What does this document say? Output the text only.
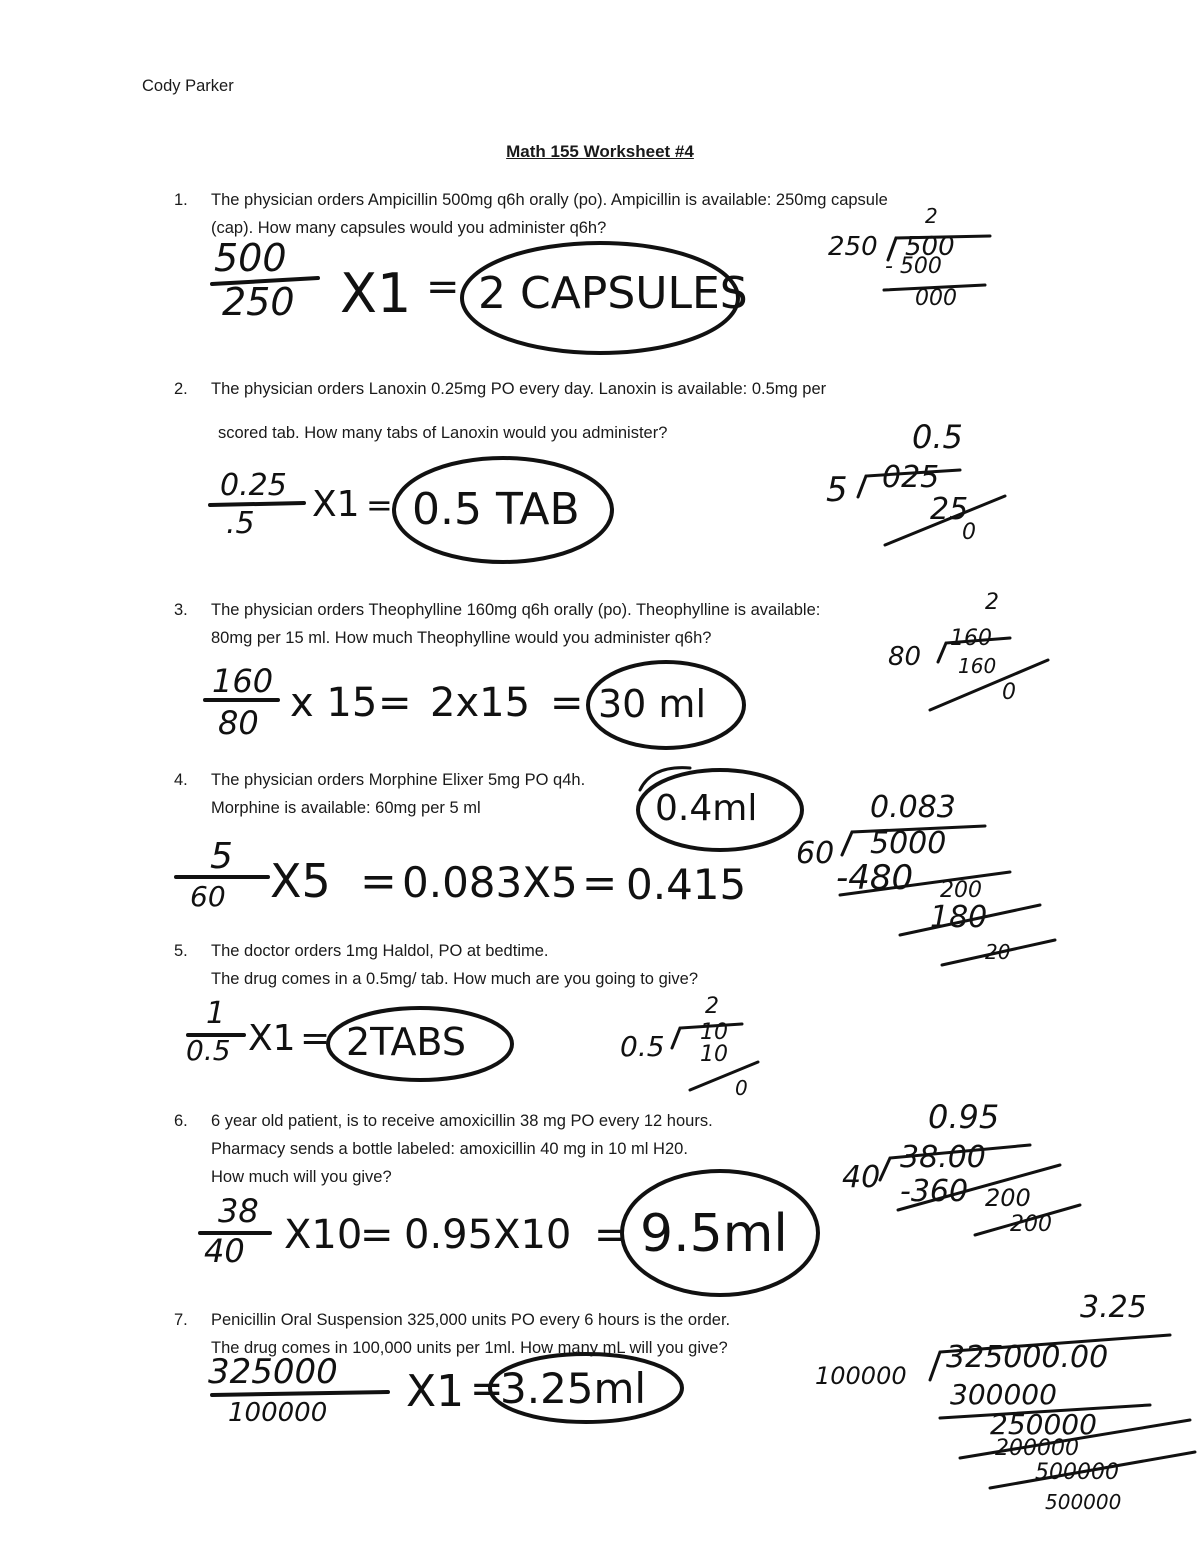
Cody Parker
Math 155 Worksheet #4
1. The physician orders Ampicillin 500mg q6h orally (po). Ampicillin is available: 250mg capsule
(cap). How many capsules would you administer q6h?
2. The physician orders Lanoxin 0.25mg PO every day. Lanoxin is available: 0.5mg per
scored tab. How many tabs of Lanoxin would you administer?
3. The physician orders Theophylline 160mg q6h orally (po). Theophylline is available:
80mg per 15 ml. How much Theophylline would you administer q6h?
4. The physician orders Morphine Elixer 5mg PO q4h.
Morphine is available: 60mg per 5 ml
5. The doctor orders 1mg Haldol, PO at bedtime.
The drug comes in a 0.5mg/ tab. How much are you going to give?
6. 6 year old patient, is to receive amoxicillin 38 mg PO every 12 hours.
Pharmacy sends a bottle labeled: amoxicillin 40 mg in 10 ml H20.
How much will you give?
7. Penicillin Oral Suspension 325,000 units PO every 6 hours is the order.
The drug comes in 100,000 units per 1ml. How many mL will you give?
500
250 X1 = 2 CAPSULES
2
250 500
- 500
000
0.25
.5 X1 = 0.5 TAB
0.5
5 025
25
0
160
80 x 15 = 2x15 = 30 ml
2
80
160
160
0
5
60 X5 = 0.083X5 = 0.415
0.4ml	0.083
60 5000
-480 200
180
20
1
0.5 X1 = 2TABS
2
0.5 10
10
0
38
40 X10
= 0.95X10 = 9.5ml
0.95
40
38.00
-360 200
200
325000
100000 X1 =
3.25ml
3.25
100000
325000.00
300000
250000
200000
500000
500000
